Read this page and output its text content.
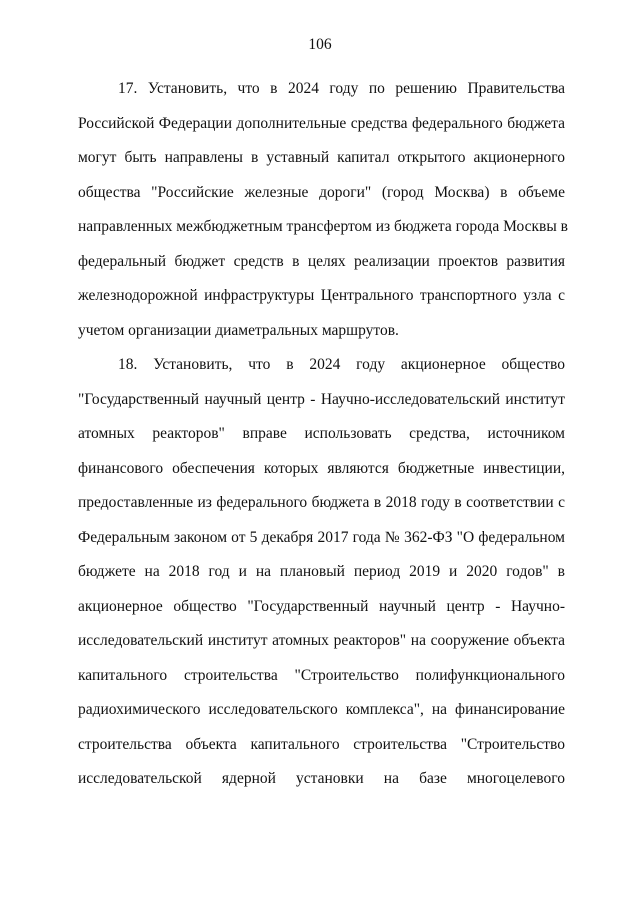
106
17. Установить, что в 2024 году по решению Правительства
Российской Федерации дополнительные средства федерального бюджета
могут быть направлены в уставный капитал открытого акционерного
общества "Российские железные дороги" (город Москва) в объеме
направленных межбюджетным трансфертом из бюджета города Москвы в
федеральный бюджет средств в целях реализации проектов развития
железнодорожной инфраструктуры Центрального транспортного узла с
учетом организации диаметральных маршрутов.
18. Установить, что в 2024 году акционерное общество
"Государственный научный центр - Научно-исследовательский институт
атомных реакторов" вправе использовать средства, источником
финансового обеспечения которых являются бюджетные инвестиции,
предоставленные из федерального бюджета в 2018 году в соответствии с
Федеральным законом от 5 декабря 2017 года № 362-ФЗ "О федеральном
бюджете на 2018 год и на плановый период 2019 и 2020 годов" в
акционерное общество "Государственный научный центр - Научно-
исследовательский институт атомных реакторов" на сооружение объекта
капитального строительства "Строительство полифункционального
радиохимического исследовательского комплекса", на финансирование
строительства объекта капитального строительства "Строительство
исследовательской ядерной установки на базе многоцелевого
